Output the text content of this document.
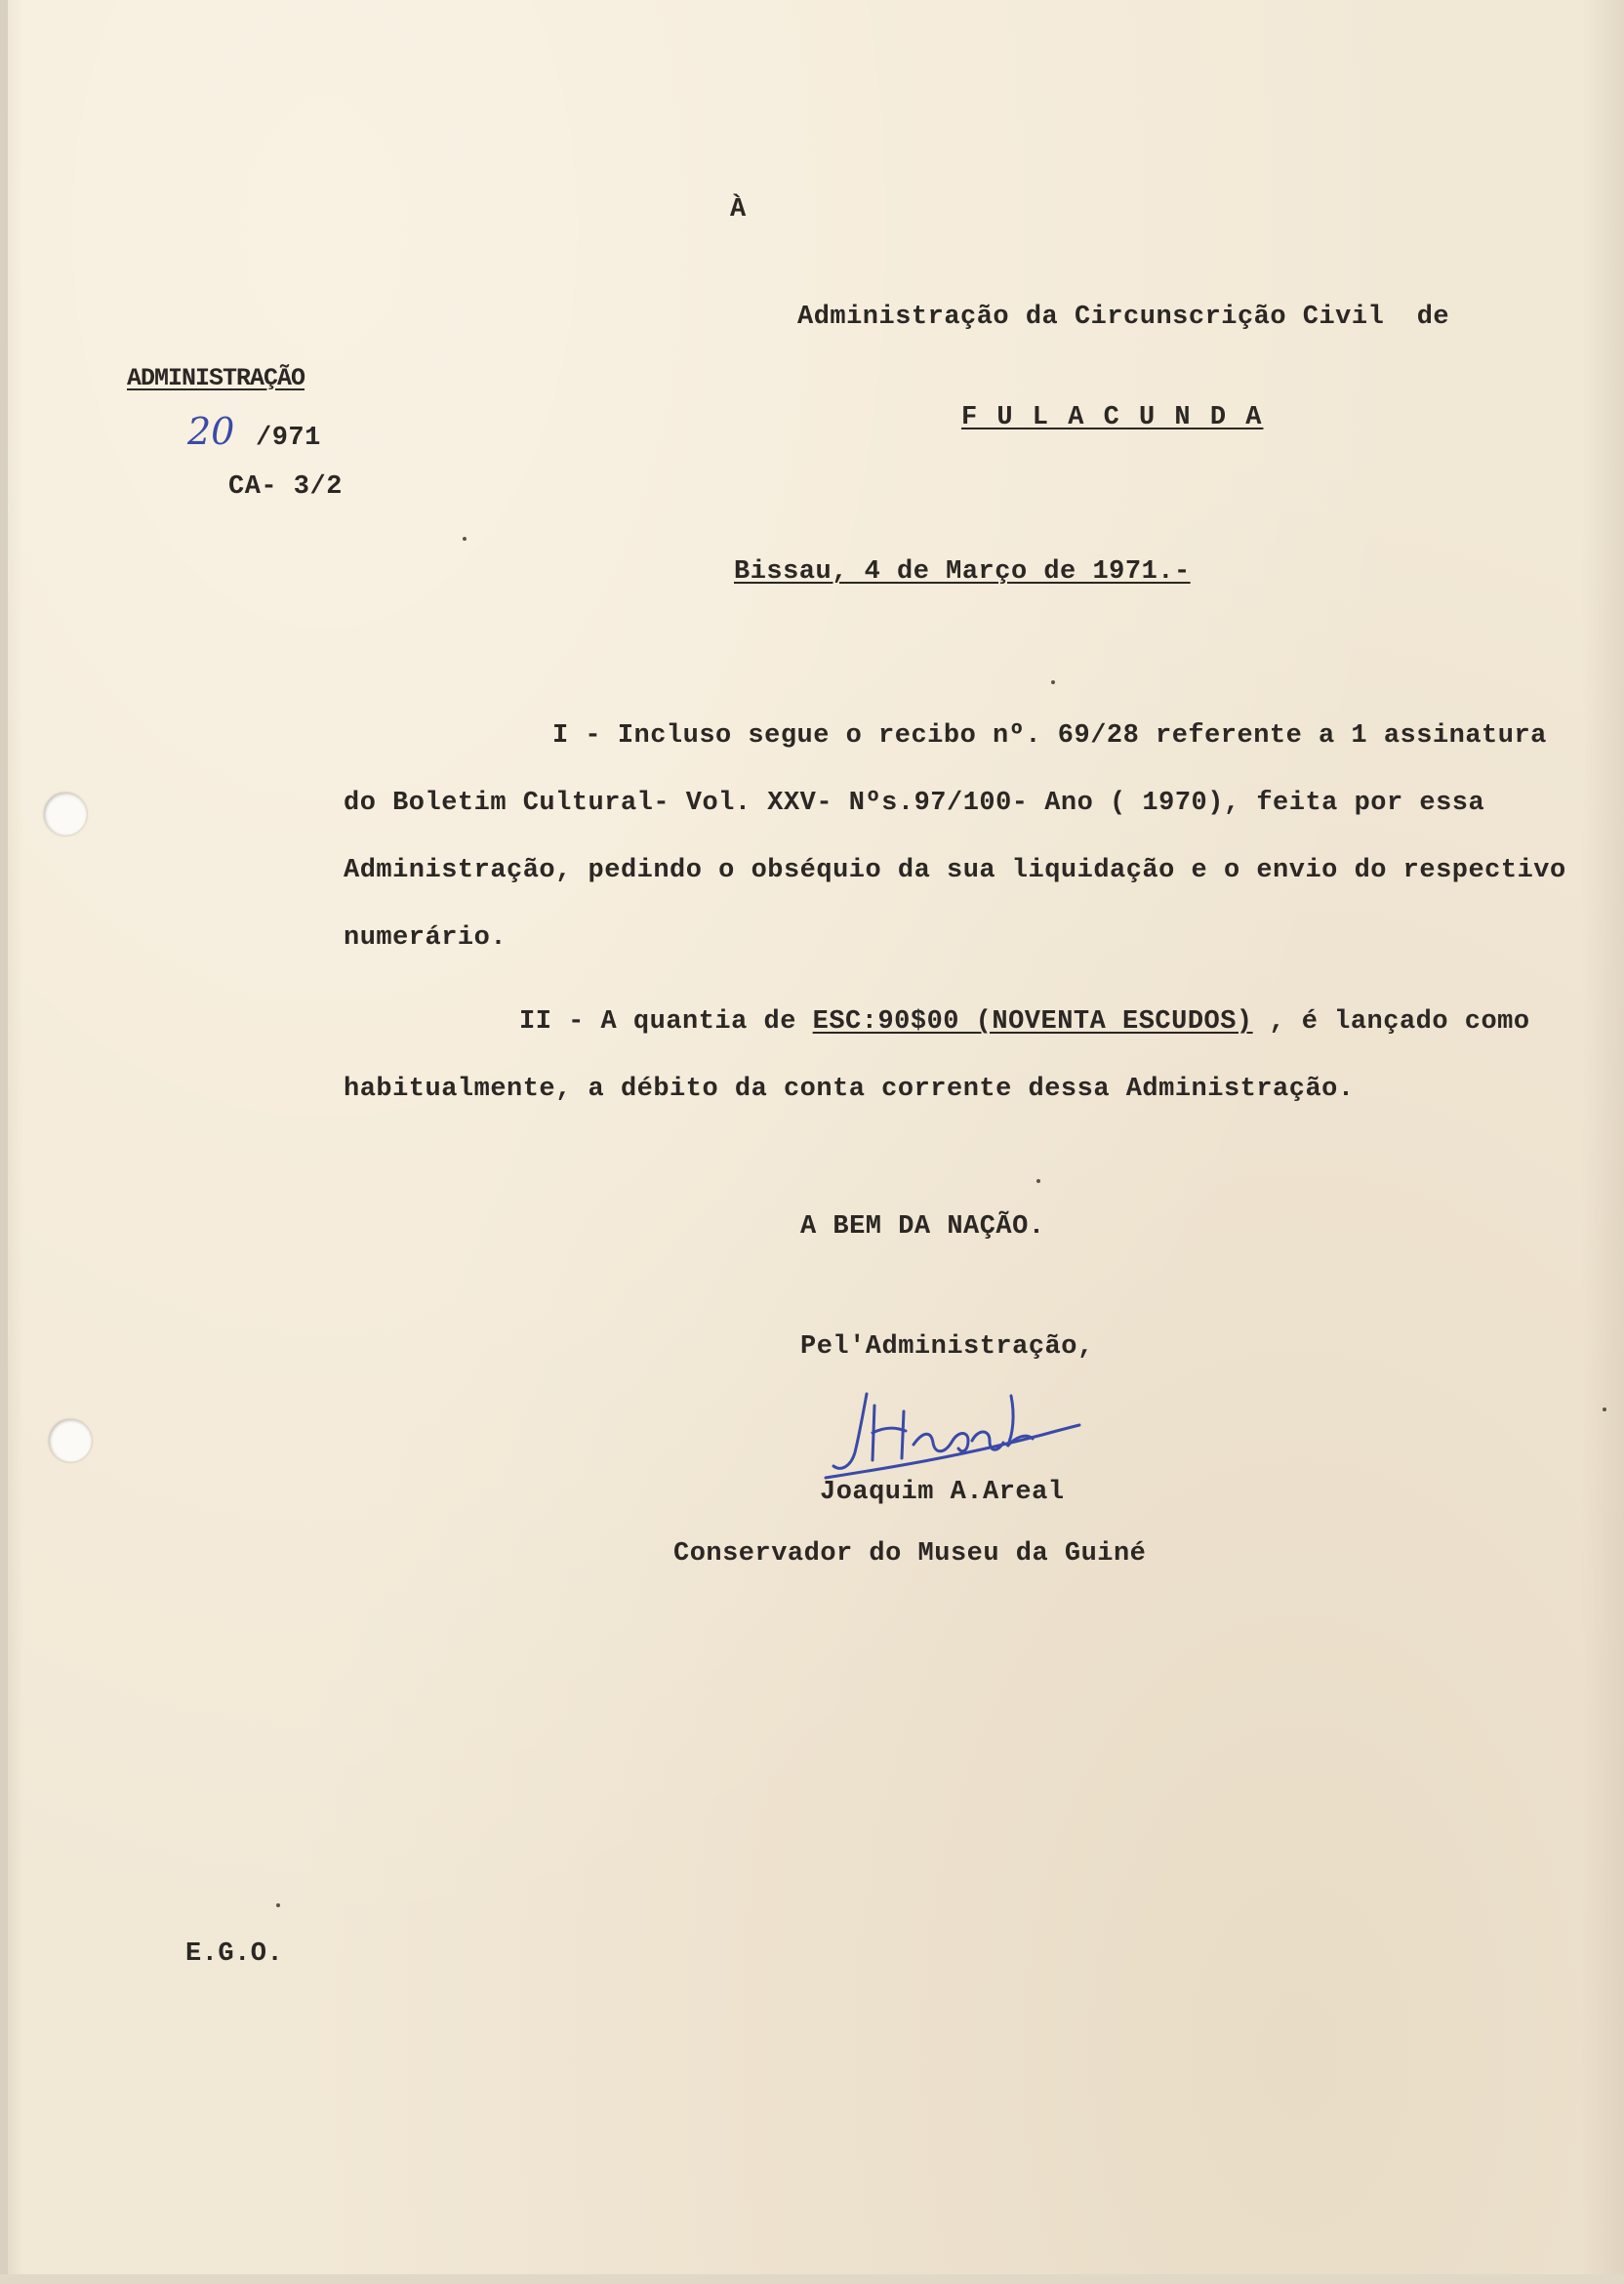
À
Administração da Circunscrição Civil  de
F U L A C U N D A
ADMINISTRAÇÃO
20 /971
CA- 3/2
Bissau, 4 de Março de 1971.-
I - Incluso segue o recibo nº. 69/28 referente a 1 assinatura do Boletim Cultural- Vol. XXV- Nºs.97/100- Ano ( 1970), feita por essa Administração, pedindo o obséquio da sua liquidação e o envio do respectivo numerário.
II - A quantia de ESC:90$00 (NOVENTA ESCUDOS) , é lançado como habitualmente, a débito da conta corrente dessa Administração.
A BEM DA NAÇÃO.
Pel'Administração,
Joaquim A.Areal
Conservador do Museu da Guiné
E.G.O.
